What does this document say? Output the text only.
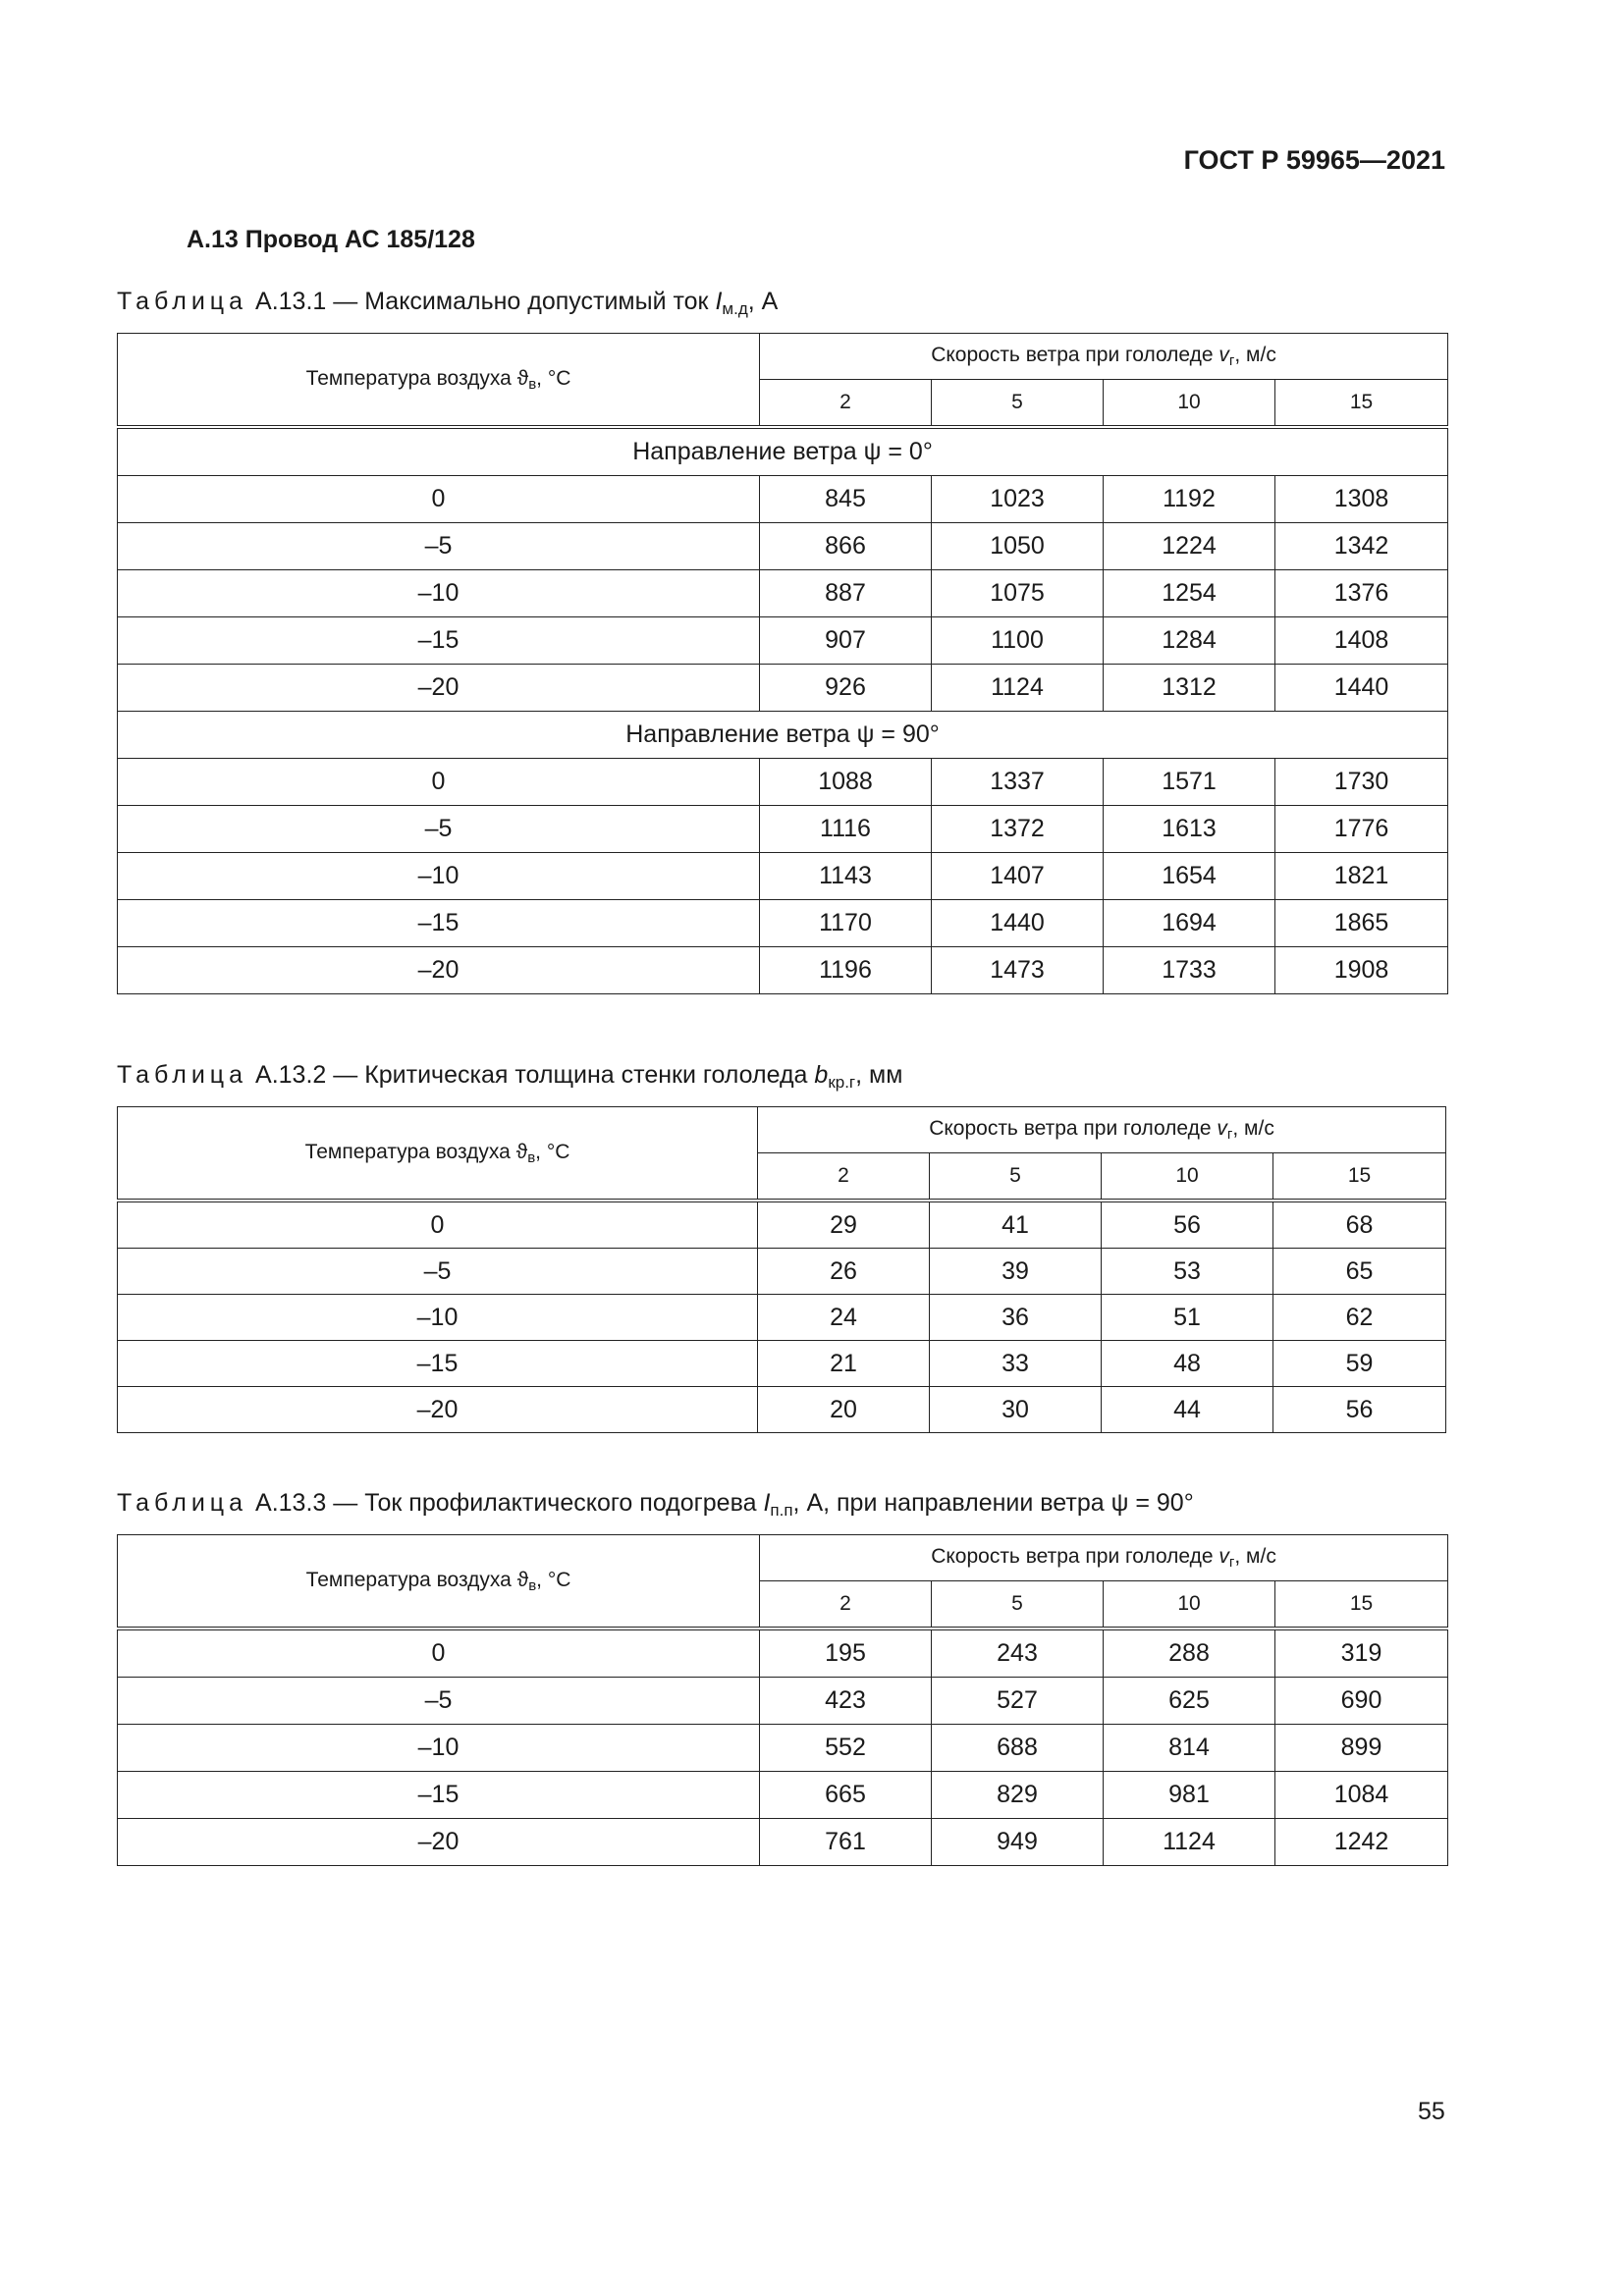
ГОСТ Р 59965—2021
А.13 Провод АС 185/128
Таблица А.13.1 — Максимально допустимый ток $I_{м.д}$, А
Температура воздуха $ϑ_в$, °С	Скорость ветра при гололеде $v_г$, м/с			
	2	5	10	15
Направление ветра ψ = 0°				
0	845	1023	1192	1308
–5	866	1050	1224	1342
–10	887	1075	1254	1376
–15	907	1100	1284	1408
–20	926	1124	1312	1440
Направление ветра ψ = 90°				
0	1088	1337	1571	1730
–5	1116	1372	1613	1776
–10	1143	1407	1654	1821
–15	1170	1440	1694	1865
–20	1196	1473	1733	1908
Таблица А.13.2 — Критическая толщина стенки гололеда $b_{кр.г}$, мм
Температура воздуха $ϑ_в$, °С	Скорость ветра при гололеде $v_г$, м/с			
	2	5	10	15
0	29	41	56	68
–5	26	39	53	65
–10	24	36	51	62
–15	21	33	48	59
–20	20	30	44	56
Таблица А.13.3 — Ток профилактического подогрева $I_{п.п}$, А, при направлении ветра ψ = 90°
Температура воздуха $ϑ_в$, °С	Скорость ветра при гололеде $v_г$, м/с			
	2	5	10	15
0	195	243	288	319
–5	423	527	625	690
–10	552	688	814	899
–15	665	829	981	1084
–20	761	949	1124	1242
55
